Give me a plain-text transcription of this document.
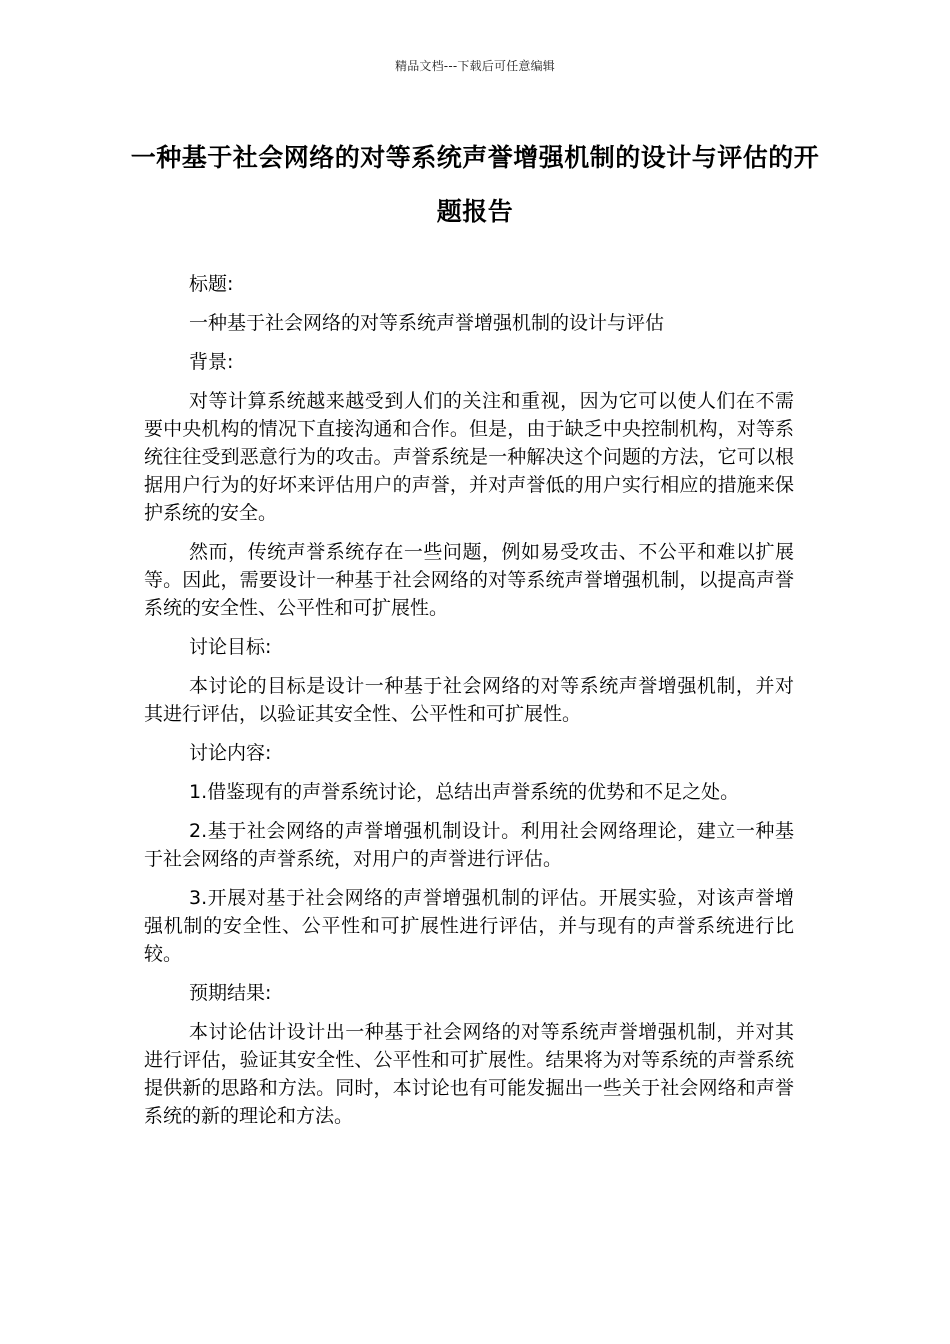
精品文档---下载后可任意编辑
一种基于社会网络的对等系统声誉增强机制的设计与评估的开题报告

标题:

一种基于社会网络的对等系统声誉增强机制的设计与评估

背景:

对等计算系统越来越受到人们的关注和重视，因为它可以使人们在不需要中央机构的情况下直接沟通和合作。但是，由于缺乏中央控制机构，对等系统往往受到恶意行为的攻击。声誉系统是一种解决这个问题的方法，它可以根据用户行为的好坏来评估用户的声誉，并对声誉低的用户实行相应的措施来保护系统的安全。

然而，传统声誉系统存在一些问题，例如易受攻击、不公平和难以扩展等。因此，需要设计一种基于社会网络的对等系统声誉增强机制，以提高声誉系统的安全性、公平性和可扩展性。

讨论目标:

本讨论的目标是设计一种基于社会网络的对等系统声誉增强机制，并对其进行评估，以验证其安全性、公平性和可扩展性。

讨论内容:

1.借鉴现有的声誉系统讨论，总结出声誉系统的优势和不足之处。

2.基于社会网络的声誉增强机制设计。利用社会网络理论，建立一种基于社会网络的声誉系统，对用户的声誉进行评估。

3.开展对基于社会网络的声誉增强机制的评估。开展实验，对该声誉增强机制的安全性、公平性和可扩展性进行评估，并与现有的声誉系统进行比较。

预期结果:

本讨论估计设计出一种基于社会网络的对等系统声誉增强机制，并对其进行评估，验证其安全性、公平性和可扩展性。结果将为对等系统的声誉系统提供新的思路和方法。同时，本讨论也有可能发掘出一些关于社会网络和声誉系统的新的理论和方法。
